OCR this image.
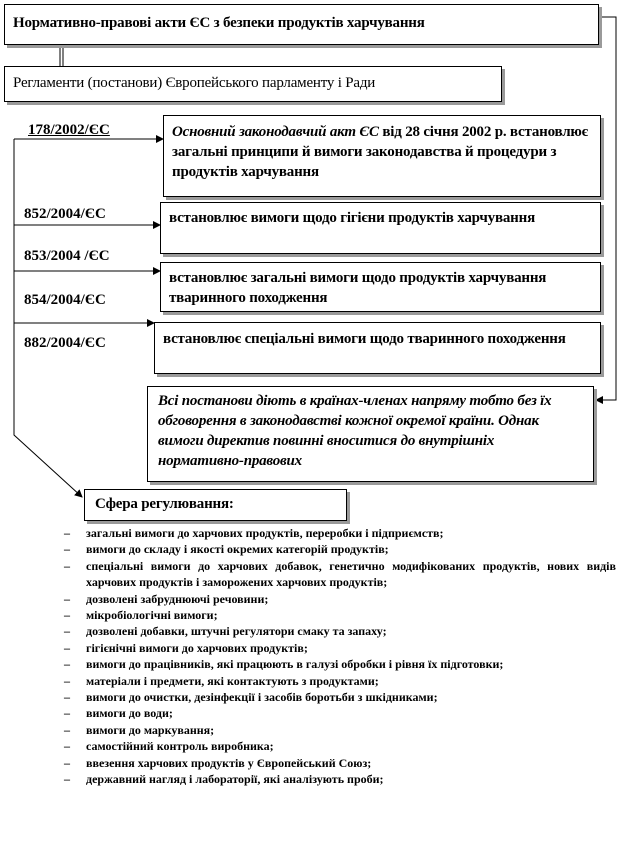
Нормативно-правові акти ЄС з безпеки продуктів харчування
Регламенти (постанови) Європейського парламенту і Ради
178/2002/ЄС
852/2004/ЄС
853/2004 /ЄС
854/2004/ЄС
882/2004/ЄС
Основний законодавчий акт ЄС від 28 січня 2002 р. встановлює загальні принципи й вимоги законодавства й процедури з продуктів харчування
встановлює вимоги щодо гігієни продуктів харчування
встановлює загальні вимоги щодо продуктів харчування тваринного походження
встановлює спеціальні вимоги щодо тваринного походження
Всі постанови діють в країнах-членах напряму тобто без їх обговорення в законодавстві кожної окремої країни. Однак вимоги директив повинні вноситися до внутрішніх нормативно-правових
Сфера регулювання:
– загальні вимоги до харчових продуктів, переробки і підприємств;
– вимоги до складу і якості окремих категорій продуктів;
– спеціальні вимоги до харчових добавок, генетично модифікованих продуктів, нових видів харчових продуктів і заморожених харчових продуктів;
– дозволені забруднюючі речовини;
– мікробіологічні вимоги;
– дозволені добавки, штучні регулятори смаку та запаху;
– гігієнічні вимоги до харчових продуктів;
– вимоги до працівників, які працюють в галузі обробки і рівня їх підготовки;
– матеріали і предмети, які контактують з продуктами;
– вимоги до очистки, дезінфекції і засобів боротьби з шкідниками;
– вимоги до води;
– вимоги до маркування;
– самостійний контроль виробника;
– ввезення харчових продуктів у Європейський Союз;
– державний нагляд і лабораторії, які аналізують проби;
